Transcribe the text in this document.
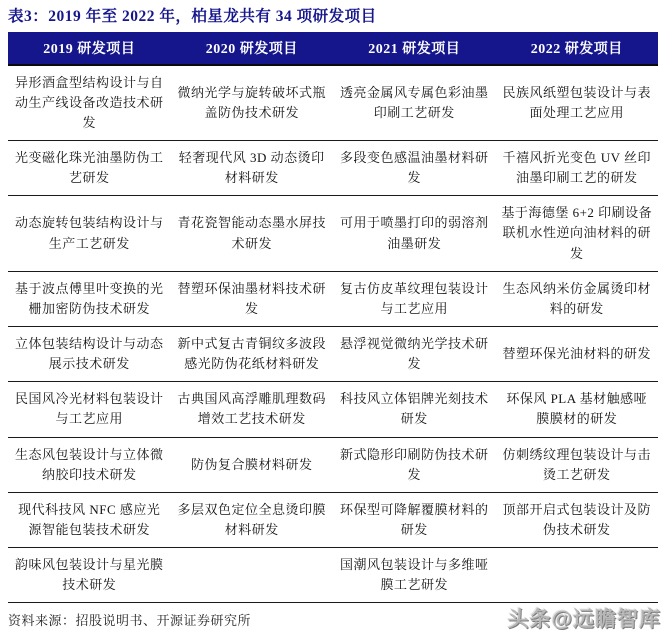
表3：2019 年至 2022 年，柏星龙共有 34 项研发项目
2019 研发项目	2020 研发项目	2021 研发项目	2022 研发项目
异形酒盒型结构设计与自动生产线设备改造技术研发	微纳光学与旋转破坏式瓶盖防伪技术研发	透亮金属风专属色彩油墨印刷工艺研发	民族风纸塑包装设计与表面处理工艺应用
光变磁化珠光油墨防伪工艺研发	轻奢现代风 3D 动态烫印材料研发	多段变色感温油墨材料研发	千禧风折光变色 UV 丝印油墨印刷工艺的研发
动态旋转包装结构设计与生产工艺研发	青花瓷智能动态墨水屏技术研发	可用于喷墨打印的弱溶剂油墨研发	基于海德堡 6+2 印刷设备联机水性逆向油材料的研发
基于波点傅里叶变换的光栅加密防伪技术研发	替塑环保油墨材料技术研发	复古仿皮革纹理包装设计与工艺应用	生态风纳米仿金属烫印材料的研发
立体包装结构设计与动态展示技术研发	新中式复古青铜纹多波段感光防伪花纸材料研发	悬浮视觉微纳光学技术研发	替塑环保光油材料的研发
民国风冷光材料包装设计与工艺应用	古典国风高浮雕肌理数码增效工艺技术研发	科技风立体铝牌光刻技术研发	环保风 PLA 基材触感哑膜膜材的研发
生态风包装设计与立体微纳胶印技术研发	防伪复合膜材料研发	新式隐形印刷防伪技术研发	仿刺绣纹理包装设计与击烫工艺研发
现代科技风 NFC 感应光源智能包装技术研发	多层双色定位全息烫印膜材料研发	环保型可降解覆膜材料的研发	顶部开启式包装设计及防伪技术研发
韵味风包装设计与星光膜技术研发		国潮风包装设计与多维哑膜工艺研发	
资料来源：招股说明书、开源证券研究所	头条@远瞻智库
